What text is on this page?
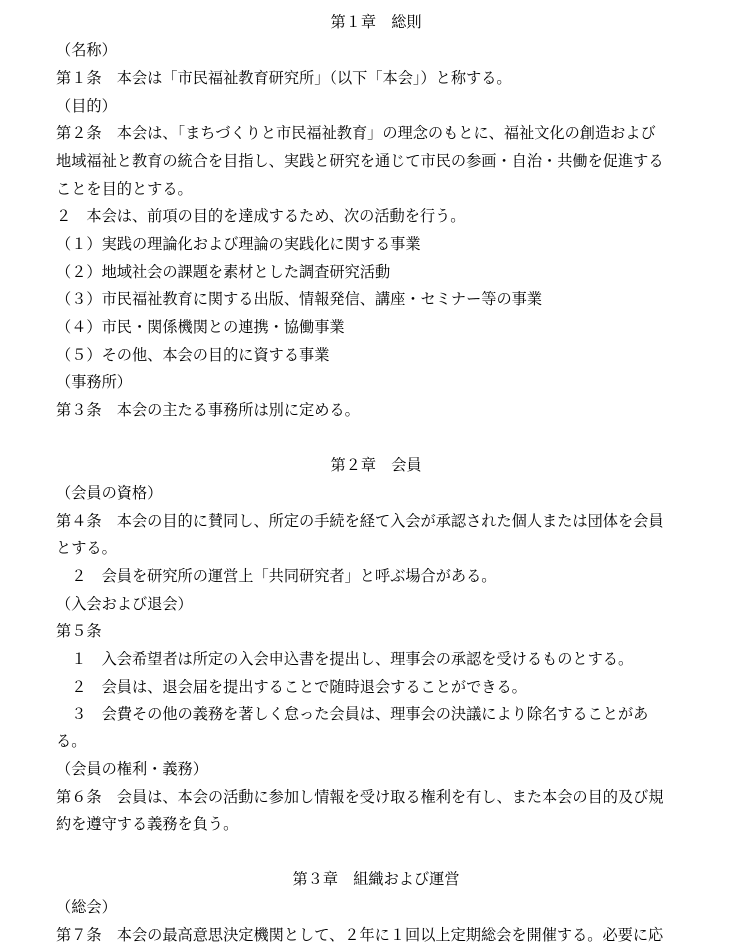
第１章　総則
（名称）
第１条　本会は「市民福祉教育研究所」（以下「本会」）と称する。
（目的）
第２条　本会は、「まちづくりと市民福祉教育」の理念のもとに、福祉文化の創造および
地域福祉と教育の統合を目指し、実践と研究を通じて市民の参画・自治・共働を促進する
ことを目的とする。
２　本会は、前項の目的を達成するため、次の活動を行う。
（１）実践の理論化および理論の実践化に関する事業
（２）地域社会の課題を素材とした調査研究活動
（３）市民福祉教育に関する出版、情報発信、講座・セミナー等の事業
（４）市民・関係機関との連携・協働事業
（５）その他、本会の目的に資する事業
（事務所）
第３条　本会の主たる事務所は別に定める。
第２章　会員
（会員の資格）
第４条　本会の目的に賛同し、所定の手続を経て入会が承認された個人または団体を会員
とする。
　２　会員を研究所の運営上「共同研究者」と呼ぶ場合がある。
（入会および退会）
第５条
　１　入会希望者は所定の入会申込書を提出し、理事会の承認を受けるものとする。
　２　会員は、退会届を提出することで随時退会することができる。
　３　会費その他の義務を著しく怠った会員は、理事会の決議により除名することがあ
る。
（会員の権利・義務）
第６条　会員は、本会の活動に参加し情報を受け取る権利を有し、また本会の目的及び規
約を遵守する義務を負う。
第３章　組織および運営
（総会）
第７条　本会の最高意思決定機関として、２年に１回以上定期総会を開催する。必要に応
